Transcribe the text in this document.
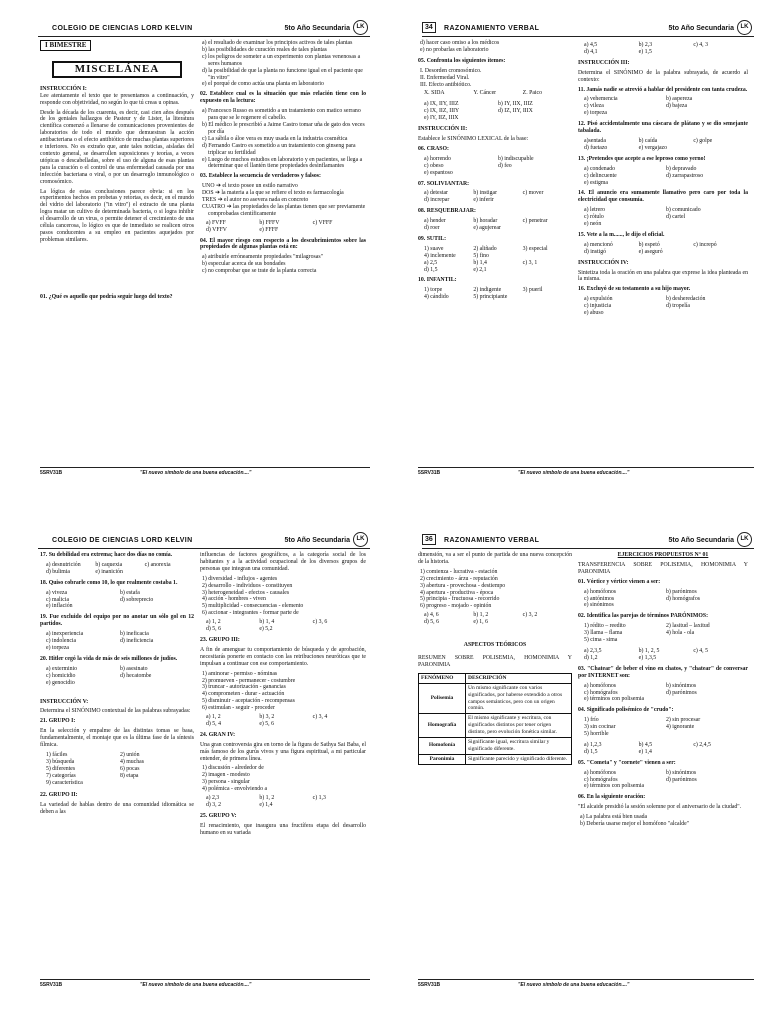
COLEGIO DE CIENCIAS LORD KELVIN	5to Año Secundaria	LK
I BIMESTRE
MISCELÁNEA

INSTRUCCIÓN I:
Lee atentamente el texto que te presentamos a continuación, y responde con objetividad, no según lo que tú creas u opinas.

Desde la década de los cuarenta, es decir, casi cien años después de los geniales hallazgos de Pasteur y de Lister, la literatura científica comenzó a llenarse de comunicaciones provenientes de laboratorios de todo el mundo que demuestran la acción antibacteriana o el efecto antibiótico de muchas plantas superiores e inferiores. No es extraño que, ante tales noticias, aisladas del contexto general, se desarrollen suposiciones y teorías, a veces utópicas o descabelladas, sobre el uso de alguna de esas plantas para la curación o el control de una enfermedad causada por una infección bacteriana o viral, o por un desarreglo inmunológico o cromosómico.

La lógica de estas conclusiones parece obvia: si en los experimentos hechos en probetas y retortas, es decir, en el mundo del vidrio del laboratorio ("in vitro") el extracto de una planta logra matar un cultivo de determinada bacteria, o si logra inhibir el desarrollo de un virus, o permite detener el crecimiento de una célula cancerosa, lo lógico es que de inmediato se realicen otros pasos conducentes a su empleo en pacientes aquejados por problemas similares.

01. ¿Qué es aquello que podría seguir luego del texto?

a) el resultado de examinar los principios activos de tales plantas
b) las posibilidades de curación reales de tales plantas
c) los peligros de someter a un experimento con plantas venenosas a seres humanos
d) la posibilidad de que la planta no funcione igual en el paciente que "in vitro"
e) el porqué de como actúa una planta en laboratorio

02. Establece cual es la situación que más relación tiene con lo expuesto en la lectura:

a) Francesco Russo es sometido a un tratamiento con matico serrano para que se le regenere el cabello.
b) El médico le prescribió a Jaime Castro tomar uña de gato dos veces por día
c) La sábila o áloe vera es muy usada en la industria cosmética
d) Fernando Castro es sometido a un tratamiento con ginseng para triplicar su fertilidad
e) Luego de muchos estudios en laboratorio y en pacientes, se llega a determinar que el llantén tiene propiedades desinflamantes

03. Establece la secuencia de verdaderos y falsos:

UNO ➔ el texto posee un estilo narrativo
DOS ➔ la materia a la que se refiere el texto es farmacología
TRES ➔ el autor no asevera nada en concreto
CUATRO ➔ las propiedades de las plantas tienen que ser previamente comprobadas científicamente
a) FVFF	b) FFFV	c) VFFF
d) VFFV	e) FFFF

04. El mayor riesgo con respecto a los descubrimientos sobre las propiedades de algunas plantas está en:

a) atribuirle erróneamente propiedades "milagrosas"
b) especular acerca de sus bondades
c) no comprobar que se trate de la planta correcta
5SRV31B	"El nuevo símbolo de una buena educación...."
34	RAZONAMIENTO VERBAL	5to Año Secundaria	LK
d) hacer caso omiso a los médicos
e) no probarlas en laboratorio

05. Confronta los siguientes ítemes:

I. Desorden cromosómico.
II. Enfermedad Viral.
III. Efecto antibiótico.
X. SIDA	Y. Cáncer	Z. Paico
a) IX, IIY, IIIZ	b) IY, IIX, IIIZ
c) IX, IIZ, IIIY	d) IZ, IIY, IIIX
e) IY, IIZ, IIIX

INSTRUCCIÓN II:

Establece le SINÓNIMO LEXICAL de la base:

06. CRASO:

a) horrendo	b) indiscupable
c) obeso	d) feo
e) espantoso

07. SOLIVIANTAR:

a) detestar	b) instigar	c) mover
d) increpar	e) inferir

08. RESQUEBRAJAR:

a) hender	b) horadar	c) penetrar
d) roer	e) agujerear

09. SUTIL:

1) suave	2) aliñado	3) especial
4) inclemente	5) fino
a) 2,5	b) 1,4	c) 3, 1
d) 1,5	e) 2,1

10. INFANTIL:

1) torpe	2) indigente	3) pueril
4) cándido	5) principiante
a) 4,5	b) 2,3	c) 4, 3
d) 4,1	e) 1,5

INSTRUCCIÓN III:

Determina el SINÓNIMO de la palabra subrayada, de acuerdo al contexto:

11. Jamás nadie se atrevió a hablar del presidente con tanta crudeza.

a) vehemencia	b) aspereza
c) vileza	d) bajeza
e) torpeza

12. Pisó accidentalmente una cáscara de plátano y se dio semejante tabalada.

a)sentada	b) caída	c) golpe
d) fuetazo	e) vergajazo

13. ¡Pretendes que acepte a ese leproso como yerno!

a) condenado	b) depravado
c) delincuente	d) zarrapastroso
e) estigma

14. El anuncio era sumamente llamativo pero caro por toda la electricidad que consumía.

a) letrero	b) comunicado
c) rótulo	d) cartel
e) neón

15. Vete a la m......, le dijo el oficial.

a) mencionó	b) espetó	c) increpó
d) instigó	e) aseguró

INSTRUCCIÓN IV:

Sintetiza toda la oración en una palabra que exprese la idea planteada en la misma.

16. Excluyó de su testamento a su hijo mayor.

a) expulsión	b) desheredación
c) injusticia	d) tropelía
e) abuso
5SRV31B	"El nuevo símbolo de una buena educación...."
COLEGIO DE CIENCIAS LORD KELVIN	5to Año Secundaria	LK

17. Su debilidad era extrema; hace dos días no comía.

a) desnutrición	b) caquexia	c) anorexia
d) bulimia	e) inanición

18. Quiso cobrarle como 10, lo que realmente costaba 1.

a) viveza	b) estafa
c) malicia	d) sobreprecio
e) inflación

19. Fue excluido del equipo por no anotar un sólo gol en 12 partidos.

a) inexperiencia	b) ineficacia
c) indolencia	d) ineficiencia
e) torpeza

20. Hitler cegó la vida de más de seis millones de judíos.

a) exterminio	b) asesinato
c) homicidio	d) hecatombe
e) genocidio

INSTRUCCIÓN V:

Determina el SINÓNIMO contextual de las palabras subrayadas:

21. GRUPO I:

En la selección y empalme de las distintas tomas se basa, fundamentalmente, el montaje que es la última fase de la síntesis fílmica.

1) fáciles	2) unión
3) búsqueda	4) muchas
5) diferentes	6) pocas
7) categorías	8) etapa
9) característica

22. GRUPO II:

La variedad de hablas dentro de una comunidad idiomática se deben a las

influencias de factores geográficos, a la categoría social de los habitantes y a la actividad ocupacional de los diversos grupos de personas que integran una comunidad.

1) diversidad - influjos - agentes
2) desarrollo - individuos - constituyen
3) heterogeneidad - efectos - causales
4) acción - hombres - viven
5) multiplicidad - consecuencias - elemento
6) accionar - integrantes - formar parte de
a) 1, 2	b) 1, 4	c) 3, 6
d) 5, 6	e) 5,2

23. GRUPO III:

A fin de amenguar tu comportamiento de búsqueda y de aprobación, necesitarás ponerte en contacto con las retribuciones neuróticas que te impulsan a continuar con ese comportamiento.

1) aminorar - permiso - nóminas
2) promueven - permanecer - costumbre
3) truncar - autorización - ganancias
4) comprometen - durar - actuación
5) disminuir - aceptación - recompensas
6) estimulan - seguir - proceder
a) 1, 2	b) 3, 2	c) 3, 4
d) 5, 4	e) 5, 6

24. GRAN IV:

Una gran controversia gira en torno de la figura de Sathya Sai Baba, el más famoso de los gurús vivos y una figura espiritual, a mi particular entender, de primera línea.

1) discusión - alrededor de
2) imagen - modesto
3) persona - singular
4) polémica - envolviendo a
a) 2,3	b) 1, 2	c) 1,3
d) 3, 2	e) 1,4

25. GRUPO V:

El renacimiento, que inaugura una fructífera etapa del desarrollo humano en su variada

5SRV31B	"El nuevo símbolo de una buena educación...."
36	RAZONAMIENTO VERBAL	5to Año Secundaria	LK

dimensión, va a ser el punto de partida de una nueva concepción de la historia.

1) comienza - lucrativa - estación
2) crecimiento - árzu - reputación
3) abertura - provechosa - destiempo
4) apertura - productiva - época
5) principia - fructuosa - recorrido
6) progreso - mojado - opinión
a) 4, 6	b) 1, 2	c) 3, 2
d) 5, 6	e) 1, 6

ASPECTOS TEÓRICOS

RESUMEN SOBRE POLISEMIA, HOMONIMIA Y PARONIMIA

FENÓMENO	DESCRIPCIÓN
Polisemia	Un mismo significante con varios significados, por haberse extendido a otros campos semánticos, pero con un origen común.
Homografía	El mismo significante y escritura, con significados distintos por tener origen distinto, pero evolución fonética similar.
Homofonía	Significante igual, escritura similar y significado diferente.
Paronimia	Significante parecido y significado diferente.

EJERCICIOS PROPUESTOS N° 01

TRANSFERENCIA SOBRE POLISEMIA, HOMONIMIA Y PARONIMIA

01. Vórtice y vértice vienen a ser:

a) homófonos	b) parónimos
c) antónimos	d) homógrafos
e) sinónimos

02. Identifica las parejas de términos PARÓNIMOS:

1) rédito – reedito	2) lasitud – laxitud
3) llama – flama	4) hola - ola
5) cima - sima
a) 2,3,5	b) 1, 2, 5	c) 4, 5
d) 1,2	e) 1,3,5

03. "Chatear" de beber el vino en chatos, y "chatear" de conversar por INTERNET son:

a) homófonos	b) sinónimos
c) homógrafos	d) parónimos
e) términos con polisemia

04. Significado polisémico de "crudo":

1) frío	2) sin procesar
3) sin cocinar	4) ignorante
5) horrible
a) 1,2,3	b) 4,5	c) 2,4,5
d) 1,5	e) 1,4

05. "Cometa" y "cornete" vienen a ser:

a) homófonos	b) sinónimos
c) homógrafos	d) parónimos
e) términos con polisemia

06. En la siguiente oración:

"El alcaide presidió la sesión solemne por el aniversario de la ciudad".

a) La palabra está bien usada
b) Debería usarse mejor el homófono "alcalde"
5SRV31B	"El nuevo símbolo de una buena educación...."
